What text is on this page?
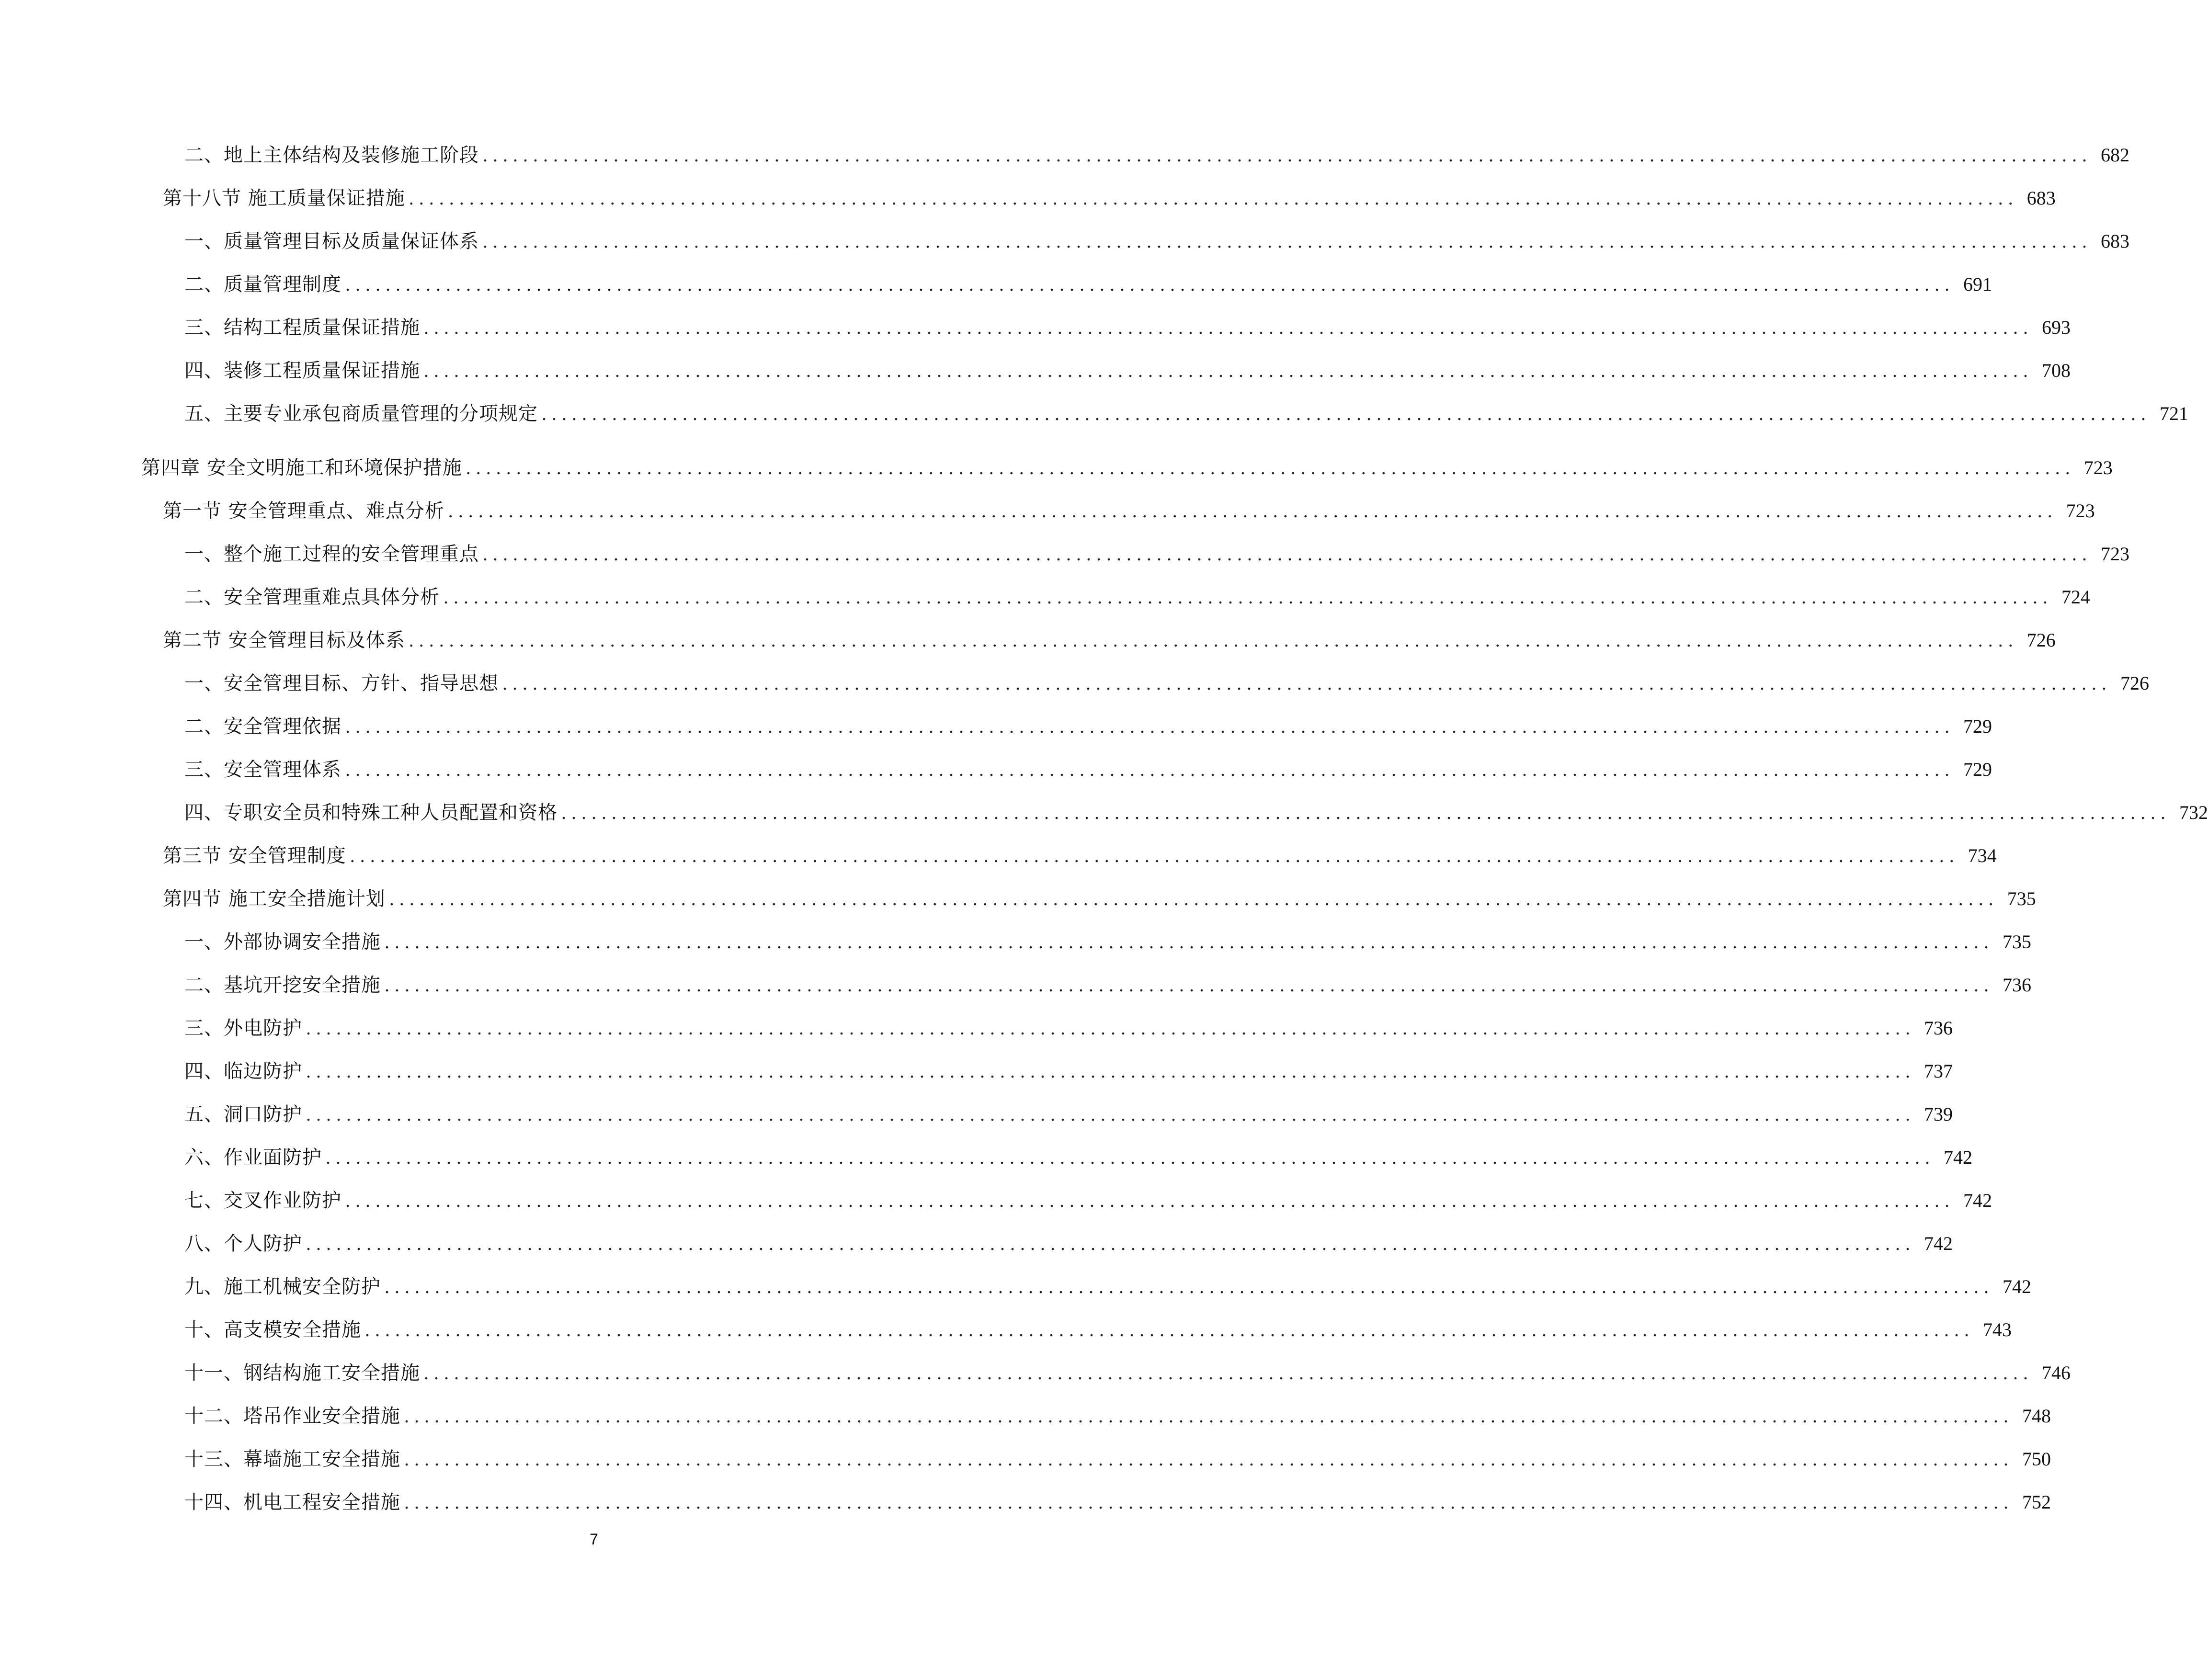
二、地上主体结构及装修施工阶段 ................................................................................................................................................................ 682
第十八节 施工质量保证措施 ................................................................................................................................................................ 683
一、质量管理目标及质量保证体系 ................................................................................................................................................................ 683
二、质量管理制度 ................................................................................................................................................................ 691
三、结构工程质量保证措施 ................................................................................................................................................................ 693
四、装修工程质量保证措施 ................................................................................................................................................................ 708
五、主要专业承包商质量管理的分项规定 ................................................................................................................................................................ 721
第四章 安全文明施工和环境保护措施 ................................................................................................................................................................ 723
第一节 安全管理重点、难点分析 ................................................................................................................................................................ 723
一、整个施工过程的安全管理重点 ................................................................................................................................................................ 723
二、安全管理重难点具体分析 ................................................................................................................................................................ 724
第二节 安全管理目标及体系 ................................................................................................................................................................ 726
一、安全管理目标、方针、指导思想 ................................................................................................................................................................ 726
二、安全管理依据 ................................................................................................................................................................ 729
三、安全管理体系 ................................................................................................................................................................ 729
四、专职安全员和特殊工种人员配置和资格 ................................................................................................................................................................ 732
第三节 安全管理制度 ................................................................................................................................................................ 734
第四节 施工安全措施计划 ................................................................................................................................................................ 735
一、外部协调安全措施 ................................................................................................................................................................ 735
二、基坑开挖安全措施 ................................................................................................................................................................ 736
三、外电防护 ................................................................................................................................................................ 736
四、临边防护 ................................................................................................................................................................ 737
五、洞口防护 ................................................................................................................................................................ 739
六、作业面防护 ................................................................................................................................................................ 742
七、交叉作业防护 ................................................................................................................................................................ 742
八、个人防护 ................................................................................................................................................................ 742
九、施工机械安全防护 ................................................................................................................................................................ 742
十、高支模安全措施 ................................................................................................................................................................ 743
十一、钢结构施工安全措施 ................................................................................................................................................................ 746
十二、塔吊作业安全措施 ................................................................................................................................................................ 748
十三、幕墙施工安全措施 ................................................................................................................................................................ 750
十四、机电工程安全措施 ................................................................................................................................................................ 752
7
